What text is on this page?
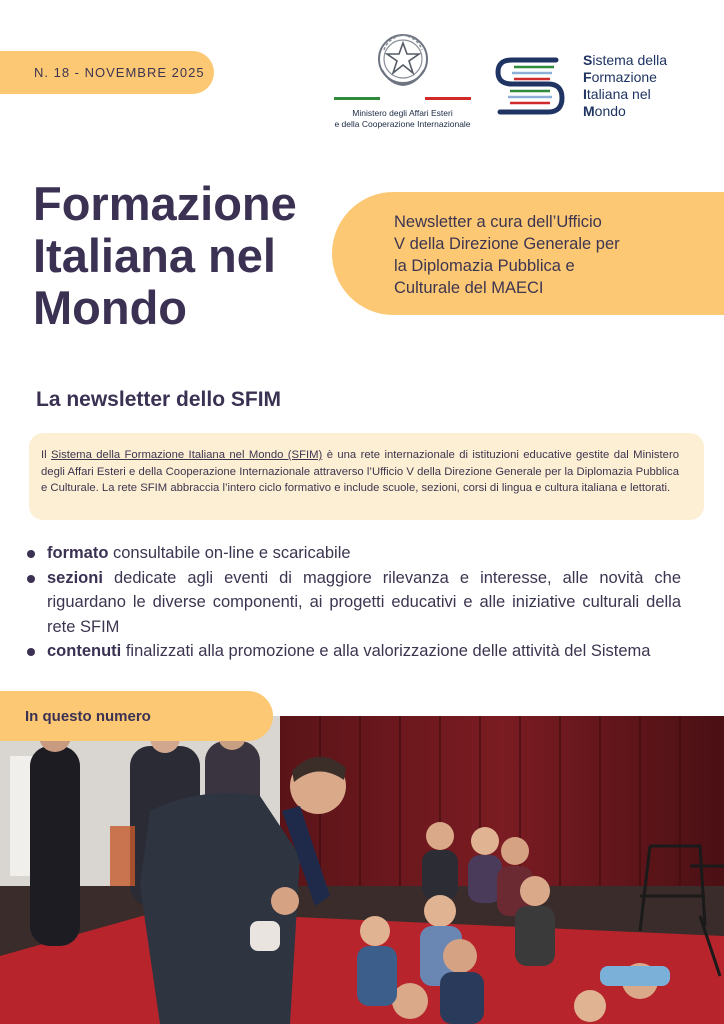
N. 18 - NOVEMBRE 2025
Ministero degli Affari Esteri
e della Cooperazione Internazionale
Sistema della
Formazione
Italiana nel
Mondo
Formazione
Italiana nel
Mondo
Newsletter a cura dell’Ufficio
V della Direzione Generale per
la Diplomazia Pubblica e
Culturale del MAECI
La newsletter dello SFIM
Il Sistema della Formazione Italiana nel Mondo (SFIM) è una rete internazionale di istituzioni educative gestite dal Ministero degli Affari Esteri e della Cooperazione Internazionale attraverso l’Ufficio V della Direzione Generale per la Diplomazia Pubblica e Culturale. La rete SFIM abbraccia l’intero ciclo formativo e include scuole, sezioni, corsi di lingua e cultura italiana e lettorati.
formato consultabile on-line e scaricabile
sezioni dedicate agli eventi di maggiore rilevanza e interesse, alle novità che riguardano le diverse componenti, ai progetti educativi e alle iniziative culturali della rete SFIM
contenuti finalizzati alla promozione e alla valorizzazione delle attività del Sistema
In questo numero
